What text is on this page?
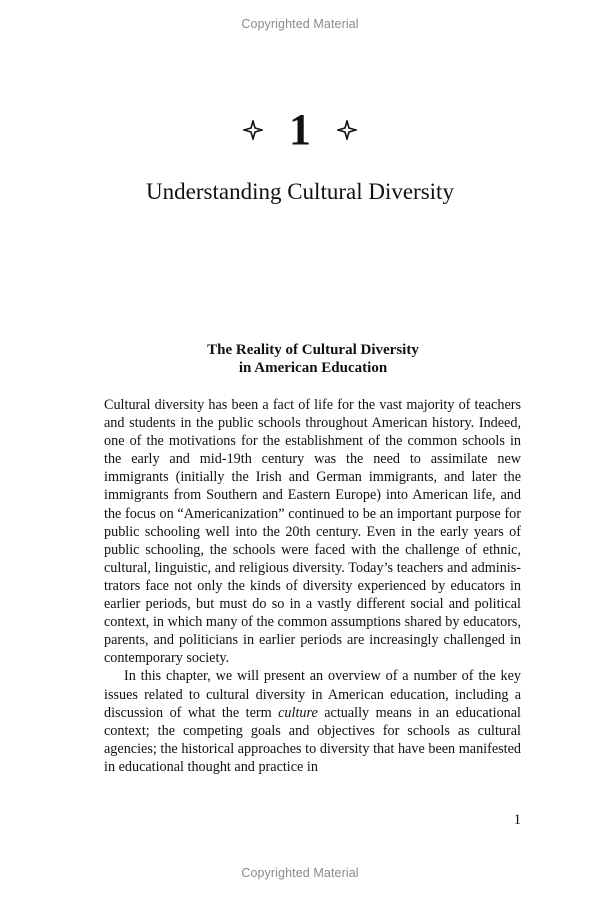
Copyrighted Material
1
Understanding Cultural Diversity
The Reality of Cultural Diversity
in American Education

Cultural diversity has been a fact of life for the vast majority of teachers and students in the public schools throughout American history. Indeed, one of the motivations for the establishment of the common schools in the early and mid-19th century was the need to assimilate new immigrants (initially the Irish and German immigrants, and later the immigrants from Southern and Eastern Europe) into American life, and the focus on “Americanization” continued to be an important purpose for public schooling well into the 20th century. Even in the early years of public schooling, the schools were faced with the challenge of ethnic, cultural, linguistic, and religious diversity. Today’s teachers and administrators face not only the kinds of diversity experienced by educators in earlier periods, but must do so in a vastly different social and political context, in which many of the common assumptions shared by educators, parents, and politicians in earlier periods are increasingly challenged in contemporary society.

In this chapter, we will present an overview of a number of the key issues related to cultural diversity in American education, including a discussion of what the term culture actually means in an educational context; the competing goals and objectives for schools as cultural agencies; the historical approaches to diversity that have been manifested in educational thought and practice in

1
Copyrighted Material
